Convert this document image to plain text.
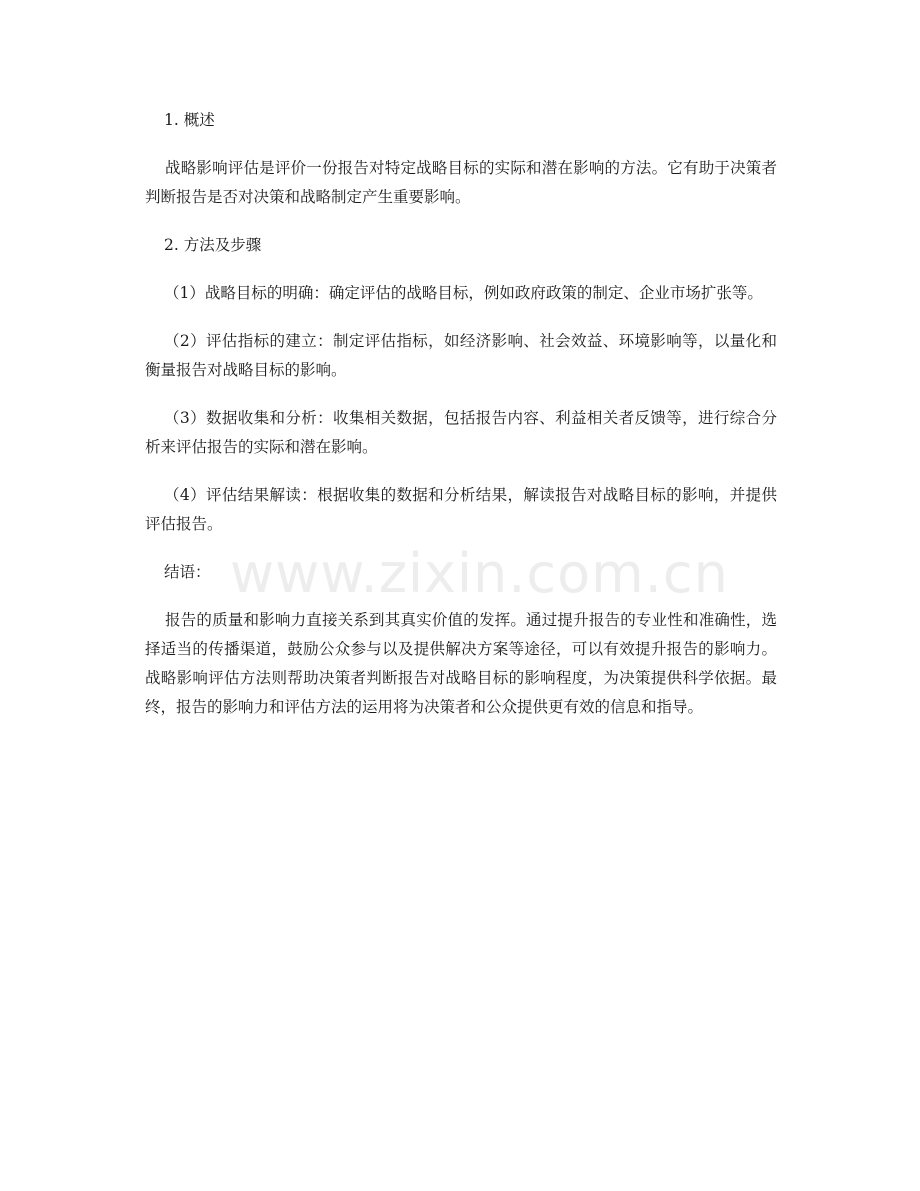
1. 概述

战略影响评估是评价一份报告对特定战略目标的实际和潜在影响的方法。它有助于决策者判断报告是否对决策和战略制定产生重要影响。

2. 方法及步骤

（1）战略目标的明确：确定评估的战略目标，例如政府政策的制定、企业市场扩张等。

（2）评估指标的建立：制定评估指标，如经济影响、社会效益、环境影响等，以量化和衡量报告对战略目标的影响。

（3）数据收集和分析：收集相关数据，包括报告内容、利益相关者反馈等，进行综合分析来评估报告的实际和潜在影响。

（4）评估结果解读：根据收集的数据和分析结果，解读报告对战略目标的影响，并提供评估报告。

结语：

报告的质量和影响力直接关系到其真实价值的发挥。通过提升报告的专业性和准确性，选择适当的传播渠道，鼓励公众参与以及提供解决方案等途径，可以有效提升报告的影响力。战略影响评估方法则帮助决策者判断报告对战略目标的影响程度，为决策提供科学依据。最终，报告的影响力和评估方法的运用将为决策者和公众提供更有效的信息和指导。

www.zixin.com.cn
